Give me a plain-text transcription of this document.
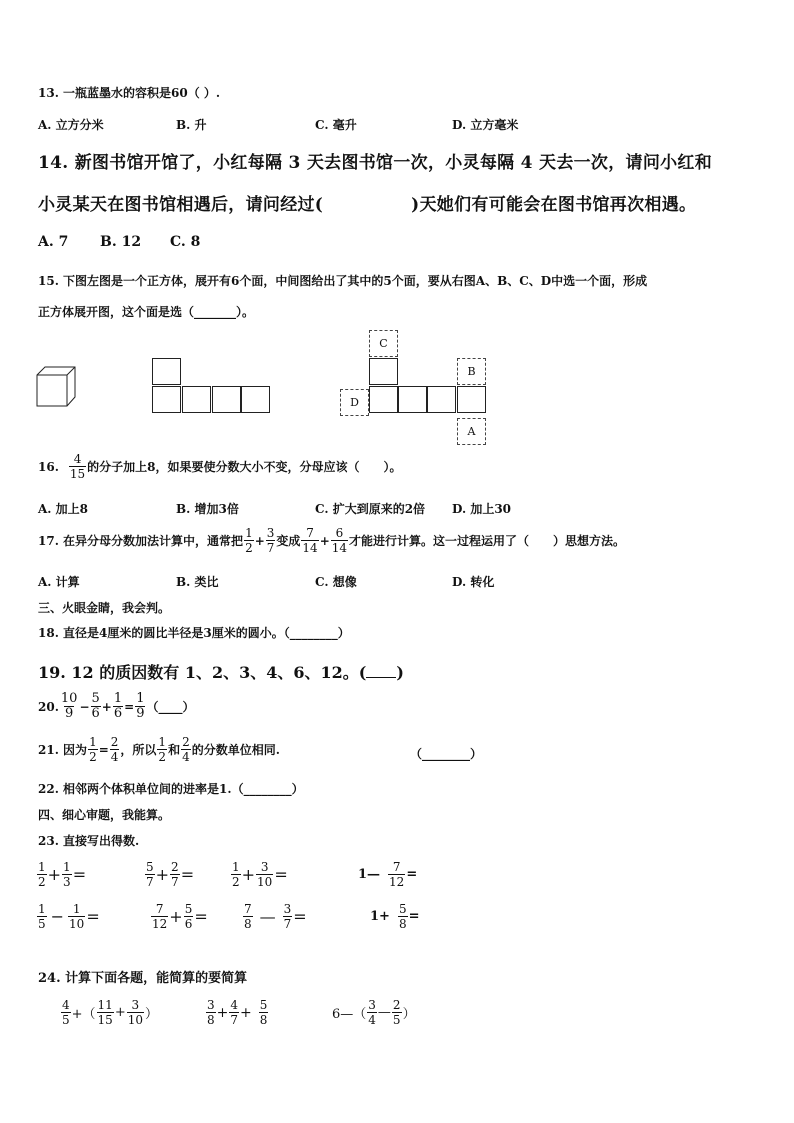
13. 一瓶蓝墨水的容积是60（ ）.
A. 立方分米	B. 升	C. 毫升	D. 立方毫米
14. 新图书馆开馆了，小红每隔 3 天去图书馆一次，小灵每隔 4 天去一次，请问小红和
小灵某天在图书馆相遇后，请问经过(	)天她们有可能会在图书馆再次相遇。
A. 7 B. 12 C. 8
15. 下图左图是一个正方体，展开有6个面，中间图给出了其中的5个面，要从右图A、B、C、D中选一个面，形成
正方体展开图，这个面是选（_______）。
C
B
D
A
16. $\frac{4}{15}$ 的分子加上8，如果要使分数大小不变，分母应该（　　）。
A. 加上8	B. 增加3倍	C. 扩大到原来的2倍 D. 加上30
17. 在异分母分数加法计算中，通常把 $\frac{1}{2} + \frac{3}{7}$ 变成 $\frac{7}{14} + \frac{6}{14}$ 才能进行计算。这一过程运用了（　　）思想方法。
A. 计算	B. 类比	C. 想像	D. 转化
三、火眼金睛，我会判。
18. 直径是4厘米的圆比半径是3厘米的圆小。（________）
19. 12 的质因数有 1、2、3、4、6、12。( )
20. $\frac{10}{9} - \frac{5}{6} + \frac{1}{6} = \frac{1}{9}$ （____）
21. 因为 $\frac{1}{2} = \frac{2}{4}$ ，所以 $\frac{1}{2}$ 和 $\frac{2}{4}$ 的分数单位相同.	（________）
22. 相邻两个体积单位间的进率是1.（________）
四、细心审题，我能算。
23. 直接写出得数.
$\frac{1}{2} + \frac{1}{3}$ =	$\frac{5}{7} + \frac{2}{7}$ =	$\frac{1}{2} + \frac{3}{10}$ =	1— $\frac{7}{12}$ =
$\frac{1}{5} - \frac{1}{10}$ =	$\frac{7}{12} + \frac{5}{6}$ =	$\frac{7}{8}$ — $\frac{3}{7}$ =	$1+ \frac{5}{8}$ =
24. 计算下面各题，能简算的要简算
$\frac{4}{5}$ +（ $\frac{11}{15} + \frac{3}{10}$ ）	$\frac{3}{8} + \frac{4}{7} + \frac{5}{8}$	6—（ $\frac{3}{4}$ — $\frac{2}{5}$ ）
